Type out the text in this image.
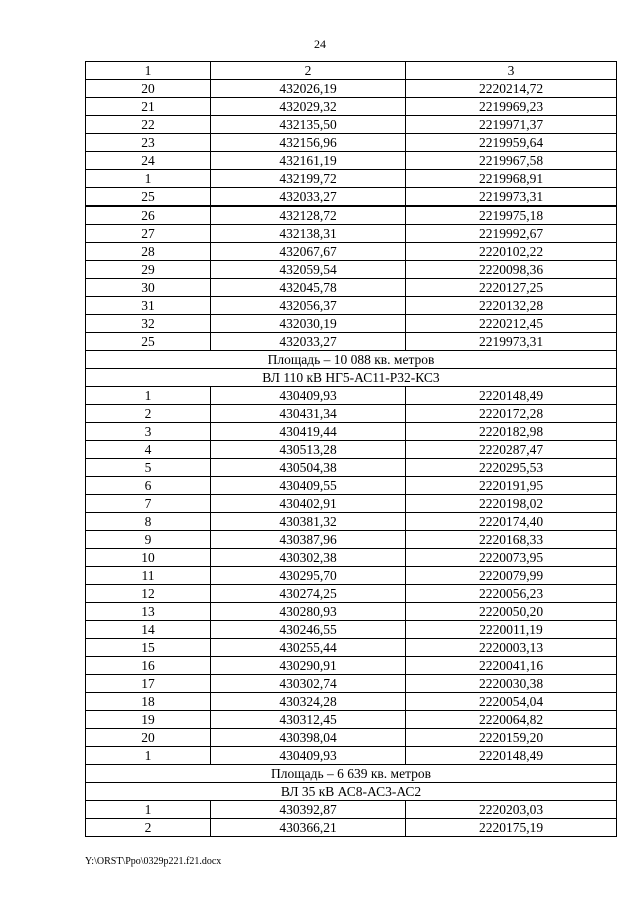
24
1	2	3
20	432026,19	2220214,72
21	432029,32	2219969,23
22	432135,50	2219971,37
23	432156,96	2219959,64
24	432161,19	2219967,58
1	432199,72	2219968,91
25	432033,27	2219973,31
26	432128,72	2219975,18
27	432138,31	2219992,67
28	432067,67	2220102,22
29	432059,54	2220098,36
30	432045,78	2220127,25
31	432056,37	2220132,28
32	432030,19	2220212,45
25	432033,27	2219973,31
Площадь – 10 088 кв. метров		
ВЛ 110 кВ НГ5-АС11-Р32-КС3		
1	430409,93	2220148,49
2	430431,34	2220172,28
3	430419,44	2220182,98
4	430513,28	2220287,47
5	430504,38	2220295,53
6	430409,55	2220191,95
7	430402,91	2220198,02
8	430381,32	2220174,40
9	430387,96	2220168,33
10	430302,38	2220073,95
11	430295,70	2220079,99
12	430274,25	2220056,23
13	430280,93	2220050,20
14	430246,55	2220011,19
15	430255,44	2220003,13
16	430290,91	2220041,16
17	430302,74	2220030,38
18	430324,28	2220054,04
19	430312,45	2220064,82
20	430398,04	2220159,20
1	430409,93	2220148,49
Площадь – 6 639 кв. метров		
ВЛ 35 кВ АС8-АС3-АС2		
1	430392,87	2220203,03
2	430366,21	2220175,19
Y:\ORST\Ppo\0329p221.f21.docx
